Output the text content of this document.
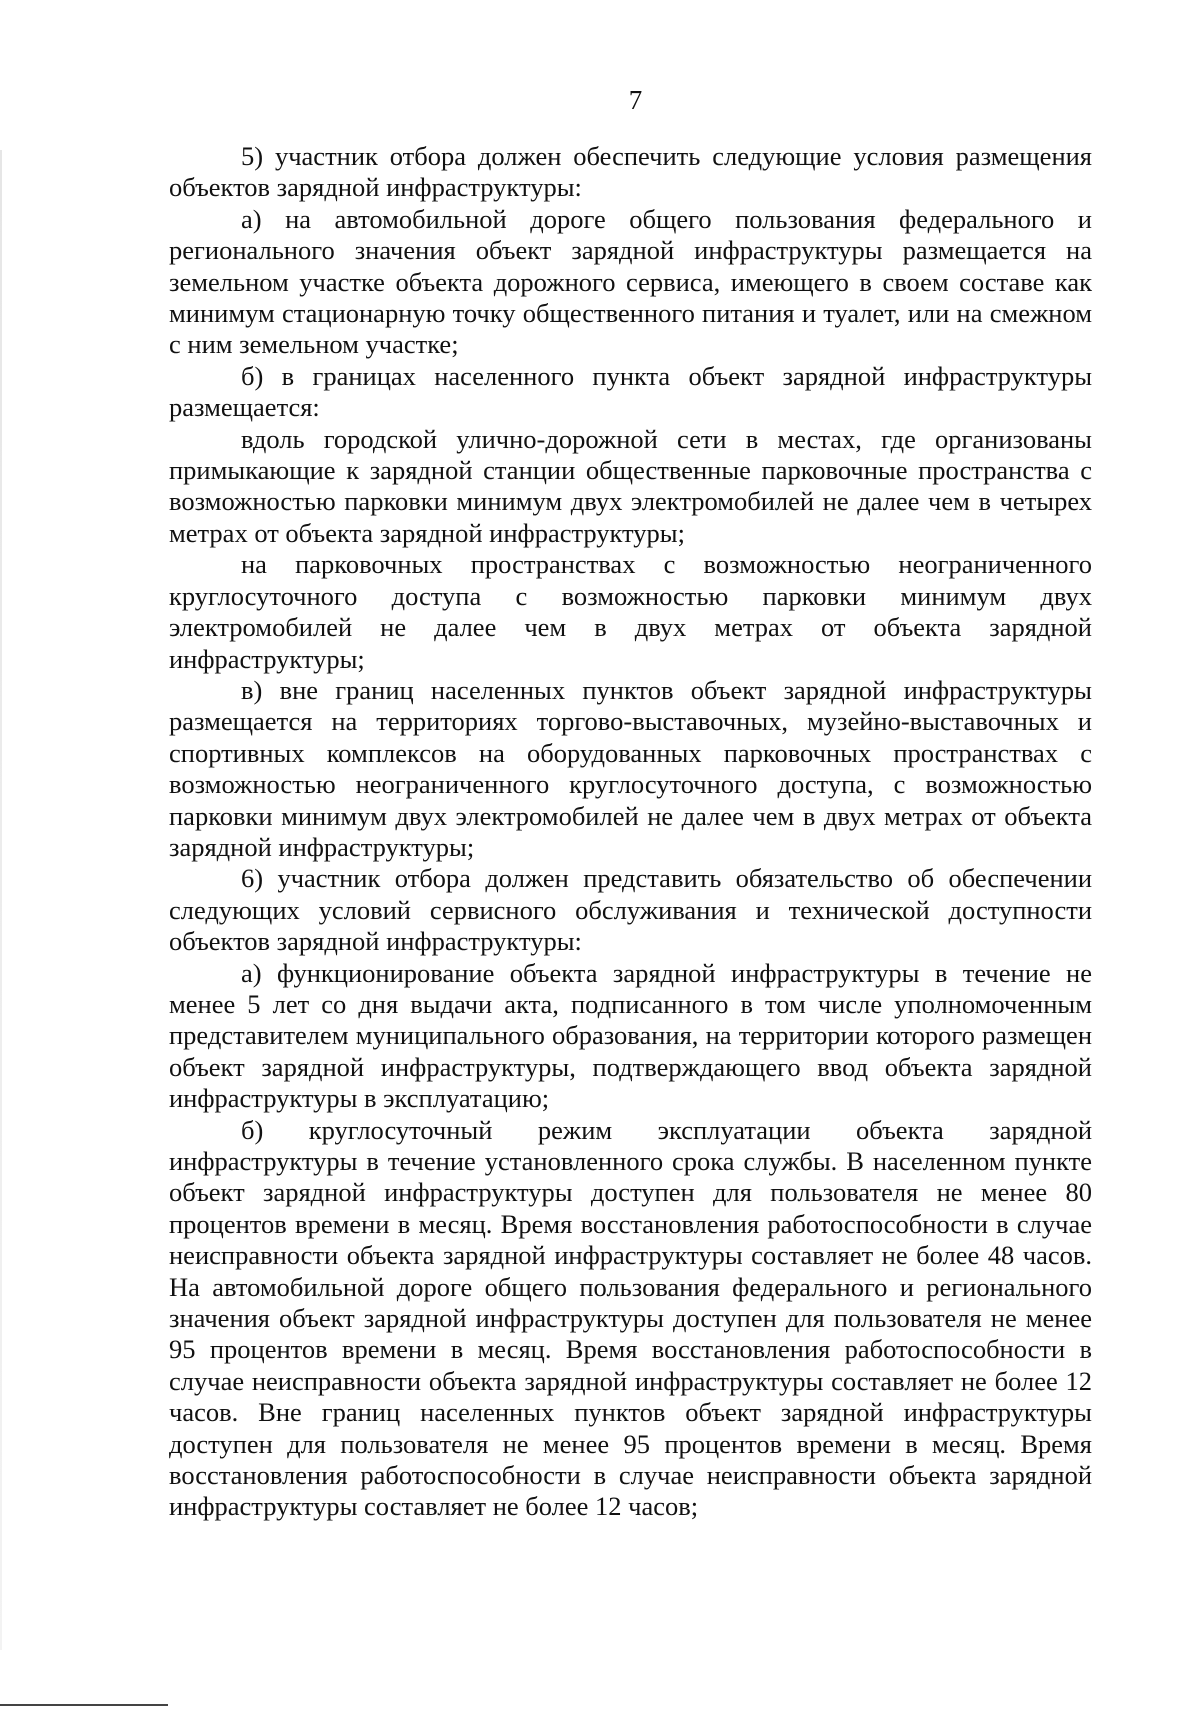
7

5) участник отбора должен обеспечить следующие условия размещения объектов зарядной инфраструктуры:

а) на автомобильной дороге общего пользования федерального и регионального значения объект зарядной инфраструктуры размещается на земельном участке объекта дорожного сервиса, имеющего в своем составе как минимум стационарную точку общественного питания и туалет, или на смежном с ним земельном участке;

б) в границах населенного пункта объект зарядной инфраструктуры размещается:

вдоль городской улично-дорожной сети в местах, где организованы примыкающие к зарядной станции общественные парковочные пространства с возможностью парковки минимум двух электромобилей не далее чем в четырех метрах от объекта зарядной инфраструктуры;

на парковочных пространствах с возможностью неограниченного круглосуточного доступа с возможностью парковки минимум двух электромобилей не далее чем в двух метрах от объекта зарядной инфраструктуры;

в) вне границ населенных пунктов объект зарядной инфраструктуры размещается на территориях торгово-выставочных, музейно-выставочных и спортивных комплексов на оборудованных парковочных пространствах с возможностью неограниченного круглосуточного доступа, с возможностью парковки минимум двух электромобилей не далее чем в двух метрах от объекта зарядной инфраструктуры;

6) участник отбора должен представить обязательство об обеспечении следующих условий сервисного обслуживания и технической доступности объектов зарядной инфраструктуры:

а) функционирование объекта зарядной инфраструктуры в течение не менее 5 лет со дня выдачи акта, подписанного в том числе уполномоченным представителем муниципального образования, на территории которого размещен объект зарядной инфраструктуры, подтверждающего ввод объекта зарядной инфраструктуры в эксплуатацию;

б) круглосуточный режим эксплуатации объекта зарядной инфраструктуры в течение установленного срока службы. В населенном пункте объект зарядной инфраструктуры доступен для пользователя не менее 80 процентов времени в месяц. Время восстановления работоспособности в случае неисправности объекта зарядной инфраструктуры составляет не более 48 часов. На автомобильной дороге общего пользования федерального и регионального значения объект зарядной инфраструктуры доступен для пользователя не менее 95 процентов времени в месяц. Время восстановления работоспособности в случае неисправности объекта зарядной инфраструктуры составляет не более 12 часов. Вне границ населенных пунктов объект зарядной инфраструктуры доступен для пользователя не менее 95 процентов времени в месяц. Время восстановления работоспособности в случае неисправности объекта зарядной инфраструктуры составляет не более 12 часов;
